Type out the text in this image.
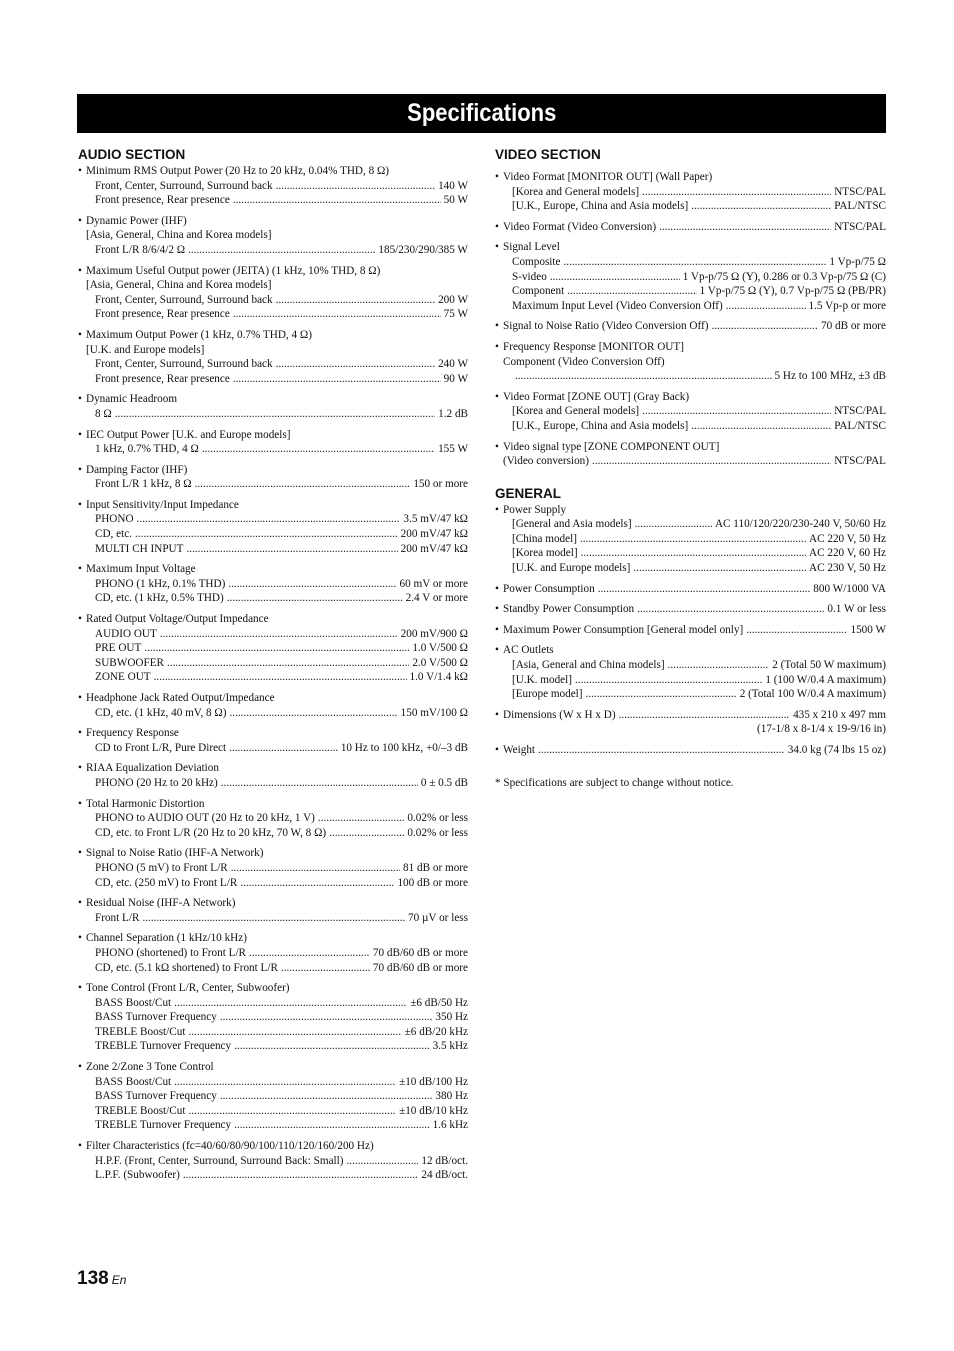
Specifications
AUDIO SECTION
• Minimum RMS Output Power (20 Hz to 20 kHz, 0.04% THD, 8 Ω)
Front, Center, Surround, Surround back .....	140 W
Front presence, Rear presence .....	50 W
• Dynamic Power (IHF)
[Asia, General, China and Korea models]
Front L/R 8/6/4/2 Ω .....	185/230/290/385 W
• Maximum Useful Output power (JEITA) (1 kHz, 10% THD, 8 Ω)
[Asia, General, China and Korea models]
Front, Center, Surround, Surround back .....	200 W
Front presence, Rear presence .....	75 W
• Maximum Output Power (1 kHz, 0.7% THD, 4 Ω)
[U.K. and Europe models]
Front, Center, Surround, Surround back .....	240 W
Front presence, Rear presence .....	90 W
• Dynamic Headroom
8 Ω .....	1.2 dB
• IEC Output Power [U.K. and Europe models]
1 kHz, 0.7% THD, 4 Ω .....	155 W
• Damping Factor (IHF)
Front L/R 1 kHz, 8 Ω .....	150 or more
• Input Sensitivity/Input Impedance
PHONO .....	3.5 mV/47 kΩ
CD, etc. .....	200 mV/47 kΩ
MULTI CH INPUT .....	200 mV/47 kΩ
• Maximum Input Voltage
PHONO (1 kHz, 0.1% THD) .....	60 mV or more
CD, etc. (1 kHz, 0.5% THD) .....	2.4 V or more
• Rated Output Voltage/Output Impedance
AUDIO OUT .....	200 mV/900 Ω
PRE OUT .....	1.0 V/500 Ω
SUBWOOFER .....	2.0 V/500 Ω
ZONE OUT .....	1.0 V/1.4 kΩ
• Headphone Jack Rated Output/Impedance
CD, etc. (1 kHz, 40 mV, 8 Ω) .....	150 mV/100 Ω
• Frequency Response
CD to Front L/R, Pure Direct .....	10 Hz to 100 kHz, +0/–3 dB
• RIAA Equalization Deviation
PHONO (20 Hz to 20 kHz) .....	0 ± 0.5 dB
• Total Harmonic Distortion
PHONO to AUDIO OUT (20 Hz to 20 kHz, 1 V) .....	0.02% or less
CD, etc. to Front L/R (20 Hz to 20 kHz, 70 W, 8 Ω) .....	0.02% or less
• Signal to Noise Ratio (IHF-A Network)
PHONO (5 mV) to Front L/R .....	81 dB or more
CD, etc. (250 mV) to Front L/R .....	100 dB or more
• Residual Noise (IHF-A Network)
Front L/R .....	70 µV or less
• Channel Separation (1 kHz/10 kHz)
PHONO (shortened) to Front L/R .....	70 dB/60 dB or more
CD, etc. (5.1 kΩ shortened) to Front L/R .....	70 dB/60 dB or more
• Tone Control (Front L/R, Center, Subwoofer)
BASS Boost/Cut .....	±6 dB/50 Hz
BASS Turnover Frequency .....	350 Hz
TREBLE Boost/Cut .....	±6 dB/20 kHz
TREBLE Turnover Frequency .....	3.5 kHz
• Zone 2/Zone 3 Tone Control
BASS Boost/Cut .....	±10 dB/100 Hz
BASS Turnover Frequency .....	380 Hz
TREBLE Boost/Cut .....	±10 dB/10 kHz
TREBLE Turnover Frequency .....	1.6 kHz
• Filter Characteristics (fc=40/60/80/90/100/110/120/160/200 Hz)
H.P.F. (Front, Center, Surround, Surround Back: Small) .....	12 dB/oct.
L.P.F. (Subwoofer) .....	24 dB/oct.
VIDEO SECTION
• Video Format [MONITOR OUT] (Wall Paper)
[Korea and General models] .....	NTSC/PAL
[U.K., Europe, China and Asia models] .....	PAL/NTSC
• Video Format (Video Conversion) .....	NTSC/PAL
• Signal Level
Composite .....	1 Vp-p/75 Ω
S-video .....	1 Vp-p/75 Ω (Y), 0.286 or 0.3 Vp-p/75 Ω (C)
Component .....	1 Vp-p/75 Ω (Y), 0.7 Vp-p/75 Ω (PB/PR)
Maximum Input Level (Video Conversion Off) .....	1.5 Vp-p or more
• Signal to Noise Ratio (Video Conversion Off) .....	70 dB or more
• Frequency Response [MONITOR OUT]
Component (Video Conversion Off)
.....
5 Hz to 100 MHz, ±3 dB
• Video Format [ZONE OUT] (Gray Back)
[Korea and General models] .....	NTSC/PAL
[U.K., Europe, China and Asia models] .....	PAL/NTSC
• Video signal type [ZONE COMPONENT OUT]
(Video conversion) .....	NTSC/PAL
GENERAL
• Power Supply
[General and Asia models] .....	AC 110/120/220/230-240 V, 50/60 Hz
[China model] .....	AC 220 V, 50 Hz
[Korea model] .....	AC 220 V, 60 Hz
[U.K. and Europe models] .....	AC 230 V, 50 Hz
• Power Consumption .....	800 W/1000 VA
• Standby Power Consumption .....	0.1 W or less
• Maximum Power Consumption [General model only] .....	1500 W
• AC Outlets
[Asia, General and China models] .....	2 (Total 50 W maximum)
[U.K. model] .....	1 (100 W/0.4 A maximum)
[Europe model] .....	2 (Total 100 W/0.4 A maximum)
• Dimensions (W x H x D) .....	435 x 210 x 497 mm
(17-1/8 x 8-1/4 x 19-9/16 in)
• Weight .....	34.0 kg (74 lbs 15 oz)
* Specifications are subject to change without notice.
138 En
